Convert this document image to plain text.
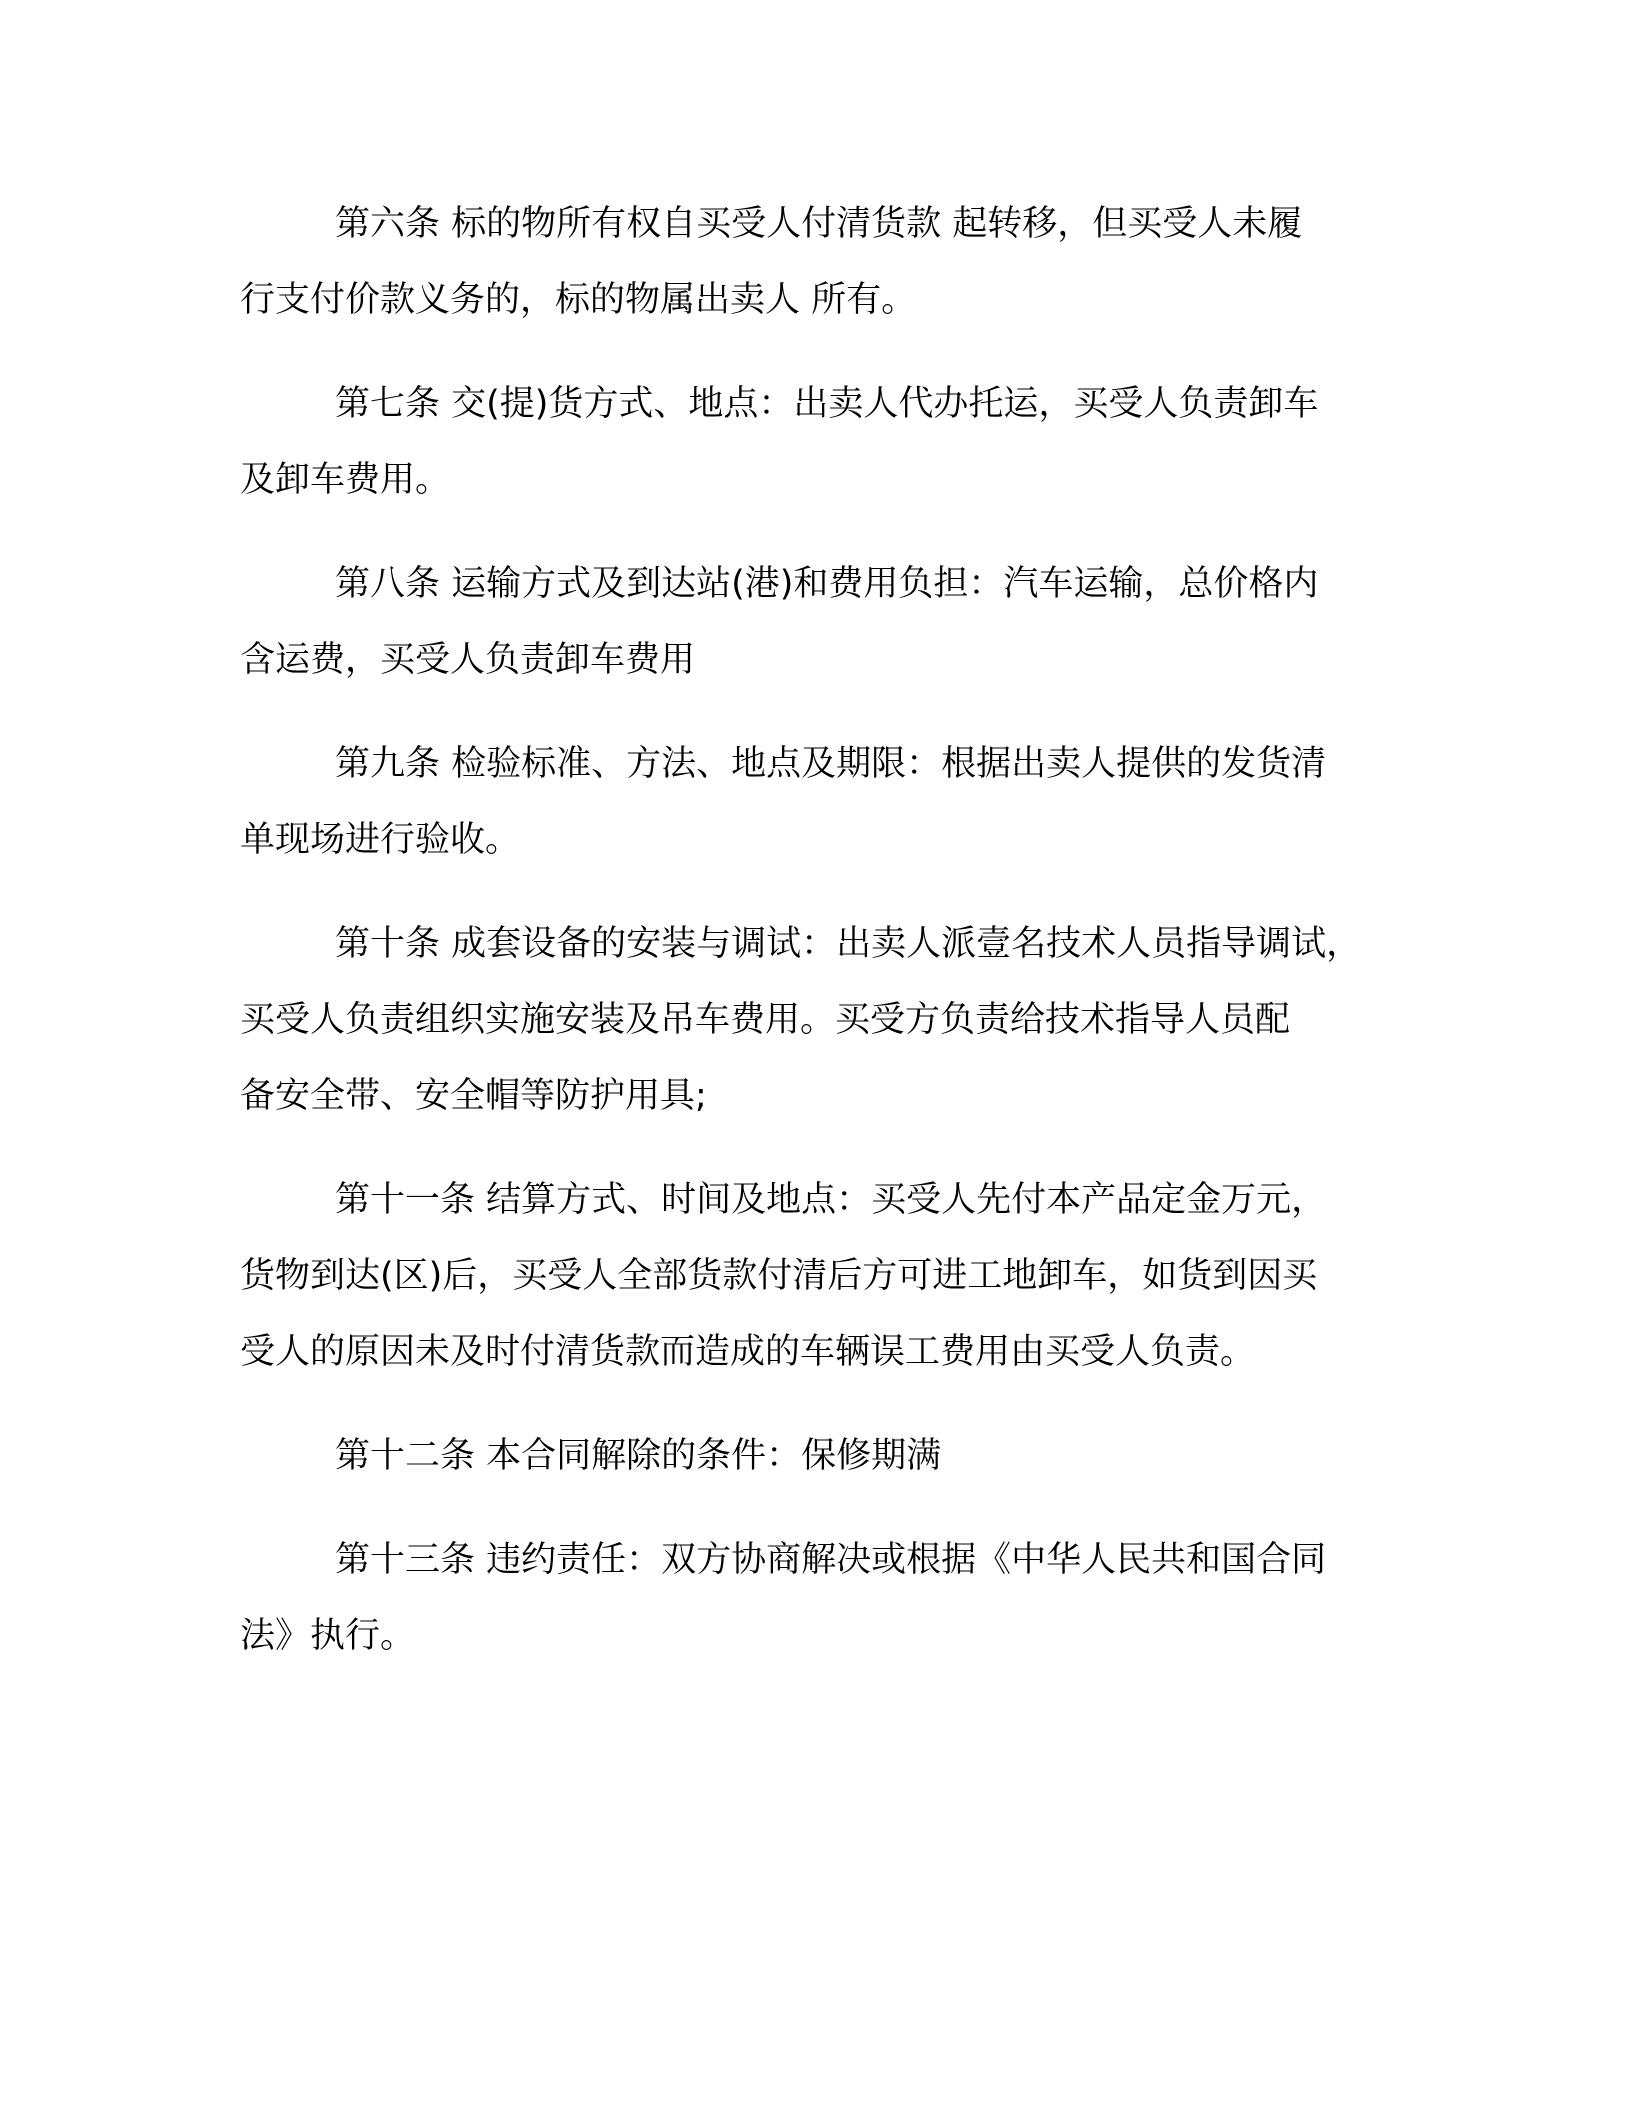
第六条 标的物所有权自买受人付清货款 起转移，但买受人未履
行支付价款义务的，标的物属出卖人 所有。
第七条 交(提)货方式、地点：出卖人代办托运，买受人负责卸车
及卸车费用。
第八条 运输方式及到达站(港)和费用负担：汽车运输，总价格内
含运费，买受人负责卸车费用
第九条 检验标准、方法、地点及期限：根据出卖人提供的发货清
单现场进行验收。
第十条 成套设备的安装与调试：出卖人派壹名技术人员指导调试，
买受人负责组织实施安装及吊车费用。买受方负责给技术指导人员配
备安全带、安全帽等防护用具;
第十一条 结算方式、时间及地点：买受人先付本产品定金万元，
货物到达(区)后，买受人全部货款付清后方可进工地卸车，如货到因买
受人的原因未及时付清货款而造成的车辆误工费用由买受人负责。
第十二条 本合同解除的条件：保修期满
第十三条 违约责任：双方协商解决或根据《中华人民共和国合同
法》执行。
